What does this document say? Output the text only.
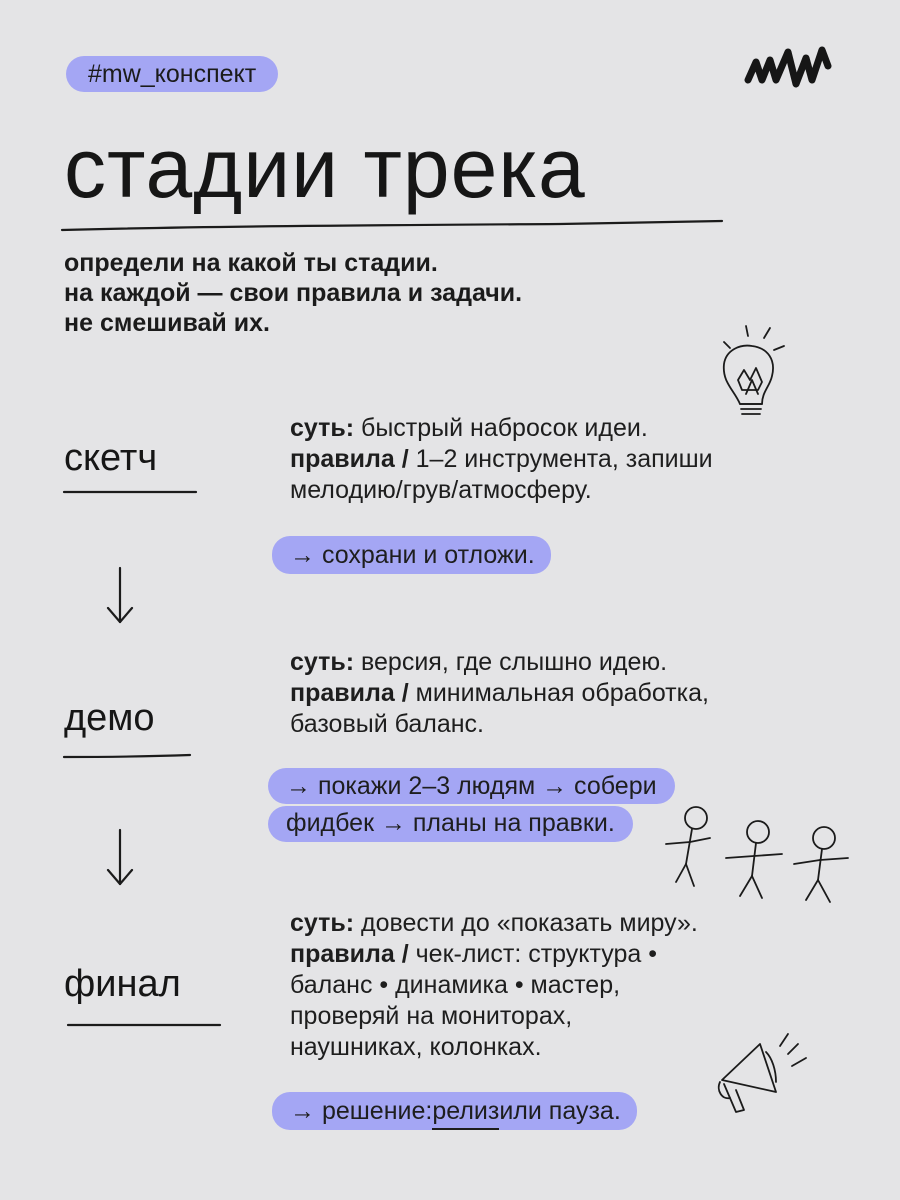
#mw_конспект
стадии трека
определи на какой ты стадии.
на каждой — свои правила и задачи.
не смешивай их.
скетч
суть: быстрый набросок идеи.
правила / 1–2 инструмента, запиши
мелодию/грув/атмосферу.
→ сохрани и отложи.
демо
суть: версия, где слышно идею.
правила / минимальная обработка,
базовый баланс.
→ покажи 2–3 людям → собери
фидбек → планы на правки.
финал
суть: довести до «показать миру».
правила / чек-лист: структура •
баланс • динамика • мастер,
проверяй на мониторах,
наушниках, колонках.
→ решение:релизили пауза.
